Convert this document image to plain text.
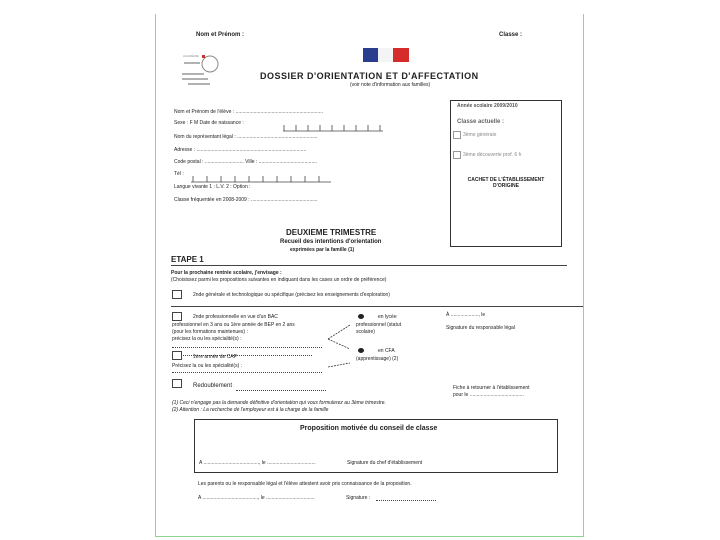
Nom et Prénom :	Classe :
ACADÉMIE
DOSSIER D'ORIENTATION ET D'AFFECTATION
(voir note d'information aux familles)
Nom et Prénom de l'élève : ...............................................................
Sexe : F M Date de naissance :
Nom du représentant légal : ..........................................................
Adresse : ...............................................................................
Code postal : ............................ Ville : ..........................................
Tél :
Langue vivante 1 : L.V. 2 : Option :
Classe fréquentée en 2008-2009 : ................................................
Année scolaire 2009/2010
Classe actuelle :
3ème générale
3ème découverte prof. 6 h
CACHET DE L'ÉTABLISSEMENT D'ORIGINE
DEUXIEME TRIMESTRE
Recueil des intentions d'orientation
exprimées par la famille (1)
ETAPE 1
Pour la prochaine rentrée scolaire, j'envisage :
(Choisissez parmi les propositions suivantes en indiquant dans les cases un ordre de préférence)
2nde générale et technologique ou spécifique (précisez les enseignements d'exploration)
2nde professionnelle en vue d'un BAC
professionnel en 3 ans ou 1ère année de BEP en 2 ans
(pour les formations maintenues) :
précisez la ou les spécialité(s) :
en lycée
professionnel (statut
scolaire)
en CFA
(apprentissage) (2)
1ère année de CAP
Précisez la ou les spécialité(s) :
Redoublement
À ...................., le
Signature du responsable légal
Fiche à retourner à l'établissement
pour le .......................................
(1) Ceci n'engage pas la demande définitive d'orientation qui vous formulerez au 3ème trimestre.
(2) Attention : La recherche de l'employeur est à la charge de la famille
Proposition motivée du conseil de classe
A ........................................, le ...................................	Signature du chef d'établissement
Les parents ou le responsable légal et l'élève attestent avoir pris connaissance de la proposition.
A ........................................, le ...................................	Signature :
